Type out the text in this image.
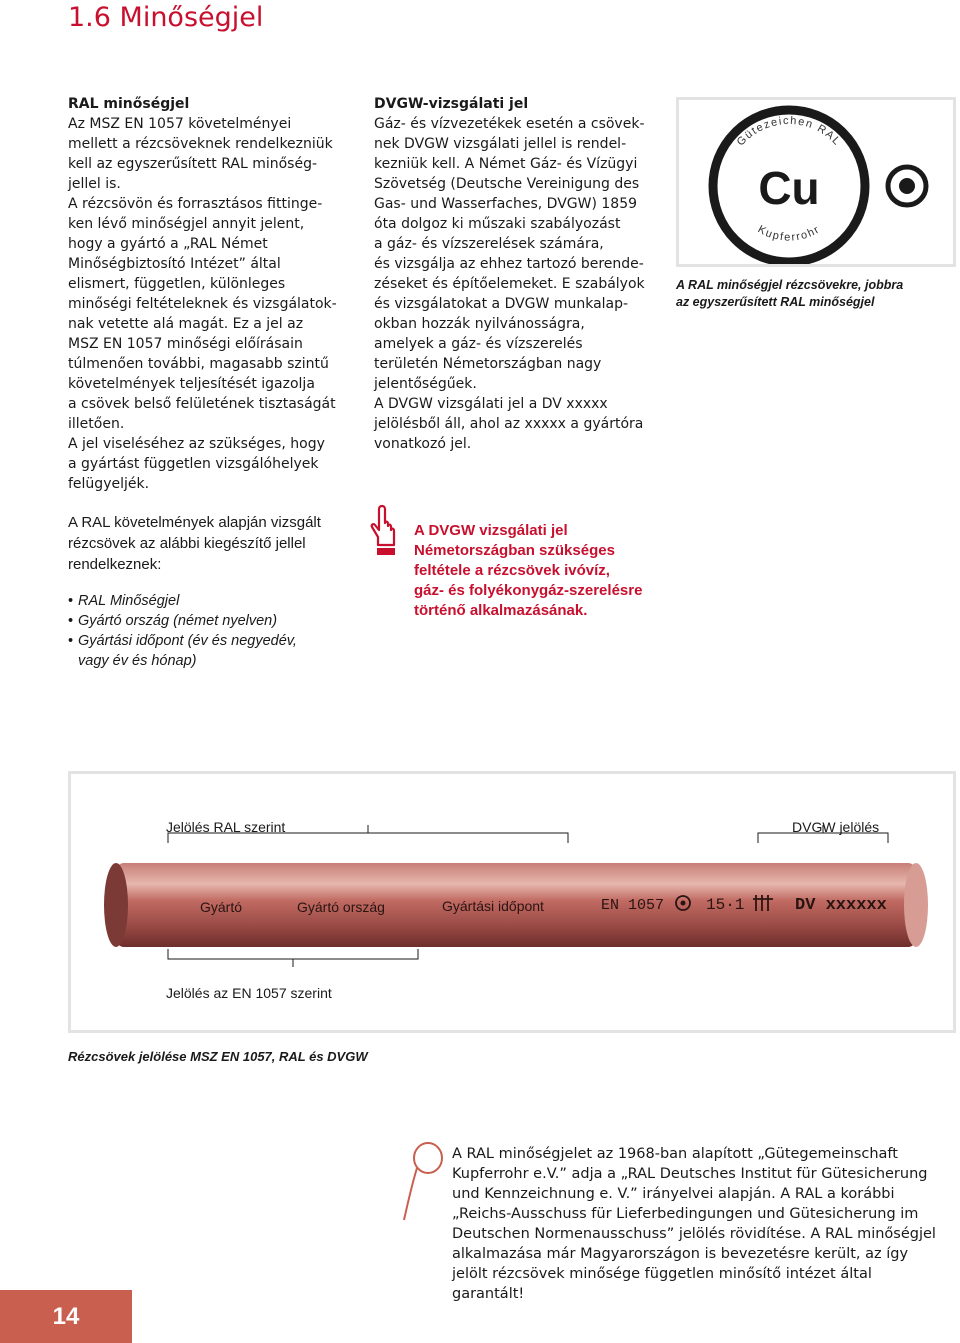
1.6 Minőségjel
RAL minőségjel
Az MSZ EN 1057 követelményei
mellett a rézcsöveknek rendelkezniük
kell az egyszerűsített RAL minőség-
jellel is.
A rézcsövön és forrasztásos fittinge-
ken lévő minőségjel annyit jelent,
hogy a gyártó a „RAL Német
Minőségbiztosító Intézet” által
elismert, független, különleges
minőségi feltételeknek és vizsgálatok-
nak vetette alá magát. Ez a jel az
MSZ EN 1057 minőségi előírásain
túlmenően további, magasabb szintű
követelmények teljesítését igazolja
a csövek belső felületének tisztaságát
illetően.
A jel viseléséhez az szükséges, hogy
a gyártást független vizsgálóhelyek
felügyeljék.
DVGW-vizsgálati jel
Gáz- és vízvezetékek esetén a csövek-
nek DVGW vizsgálati jellel is rendel-
kezniük kell. A Német Gáz- és Vízügyi
Szövetség (Deutsche Vereinigung des
Gas- und Wasserfaches, DVGW) 1859
óta dolgoz ki műszaki szabályozást
a gáz- és vízszerelések számára,
és vizsgálja az ehhez tartozó berende-
zéseket és építőelemeket. E szabályok
és vizsgálatokat a DVGW munkalap-
okban hozzák nyilvánosságra,
amelyek a gáz- és vízszerelés
területén Németországban nagy
jelentőségűek.
A DVGW vizsgálati jel a DV xxxxx
jelölésből áll, ahol az xxxxx a gyártóra
vonatkozó jel.
Gütezeichen RAL
Kupferrohr
Cu
A RAL minőségjel rézcsövekre, jobbra
az egyszerűsített RAL minőségjel
A RAL követelmények alapján vizsgált
rézcsövek az alábbi kiegészítő jellel
rendelkeznek:
• RAL Minőségjel
• Gyártó ország (német nyelven)
• Gyártási időpont (év és negyedév,
vagy év és hónap)
A DVGW vizsgálati jel
Németországban szükséges
feltétele a rézcsövek ivóvíz,
gáz- és folyékonygáz-szerelésre
történő alkalmazásának.
Jelölés RAL szerint	DVGW jelölés
Jelölés az EN 1057 szerint
Gyártó	Gyártó ország	Gyártási időpont	EN 1057	15·1	DV xxxxxx
Rézcsövek jelölése MSZ EN 1057, RAL és DVGW
A RAL minőségjelet az 1968-ban alapított „Gütegemeinschaft
Kupferrohr e.V.” adja a „RAL Deutsches Institut für Gütesicherung
und Kennzeichnung e. V.” irányelvei alapján. A RAL a korábbi
„Reichs-Ausschuss für Lieferbedingungen und Gütesicherung im
Deutschen Normenausschuss” jelölés rövidítése. A RAL minőségjel
alkalmazása már Magyarországon is bevezetésre került, az így
jelölt rézcsövek minősége független minősítő intézet által
garantált!
14
